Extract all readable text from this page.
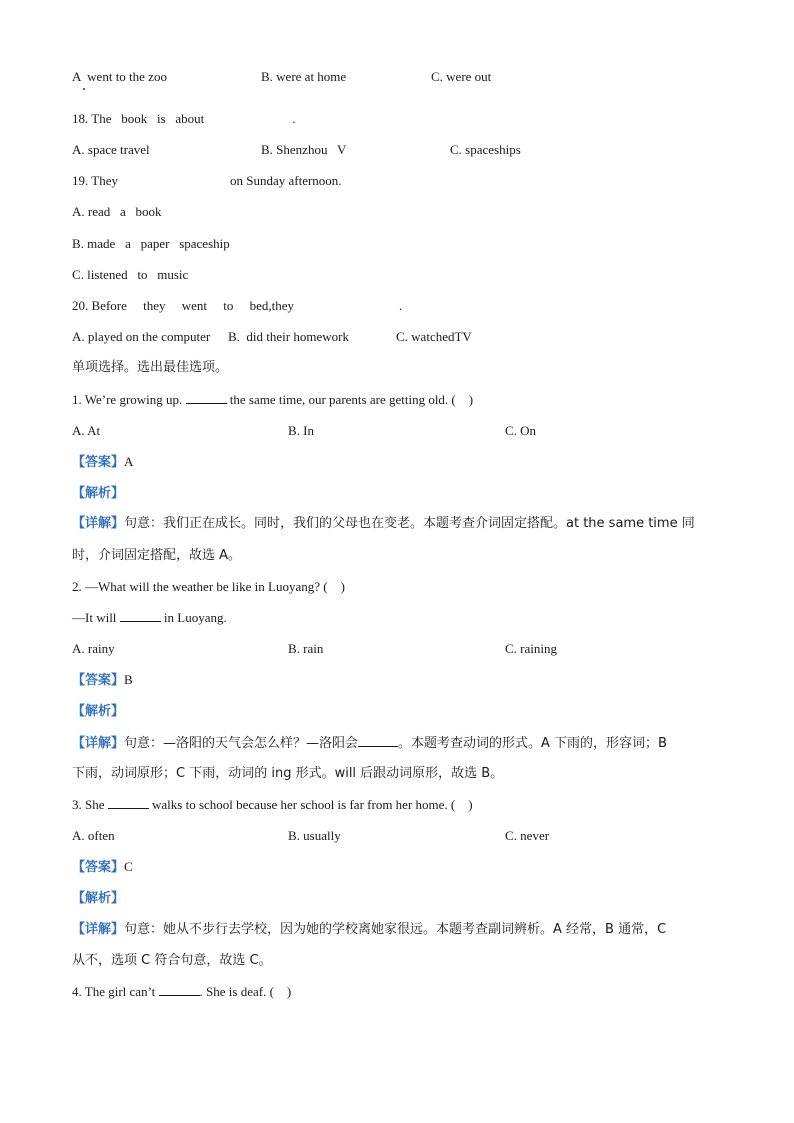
A  went to the zoo	B. were at home	C. were out
18. The   book   is   about	.
A. space travel	B. Shenzhou   V	C. spaceships
19. They	on Sunday afternoon.
A. read   a   book
B. made   a   paper   spaceship
C. listened   to   music
20. Before     they     went     to     bed,they	.
A. played on the computer B.  did their homework	C. watchedTV
单项选择。选出最佳选项。
1. We’re growing up.	the same time, our parents are getting old. (    )
A. At	B. In	C. On
【答案】A
【解析】
【详解】句意：我们正在成长。同时，我们的父母也在变老。本题考查介词固定搭配。at the same time 同
时，介词固定搭配，故选 A。
2. —What will the weather be like in Luoyang? (    )
—It will	in Luoyang.
A. rainy	B. rain	C. raining
【答案】B
【解析】
【详解】句意：—洛阳的天气会怎么样？—洛阳会	。本题考查动词的形式。A 下雨的，形容词；B
下雨，动词原形；C 下雨，动词的 ing 形式。will 后跟动词原形，故选 B。
3. She	walks to school because her school is far from her home. (    )
A. often	B. usually	C. never
【答案】C
【解析】
【详解】句意：她从不步行去学校，因为她的学校离她家很远。本题考查副词辨析。A 经常，B 通常，C
从不，选项 C 符合句意，故选 C。
4. The girl can’t	. She is deaf. (    )
